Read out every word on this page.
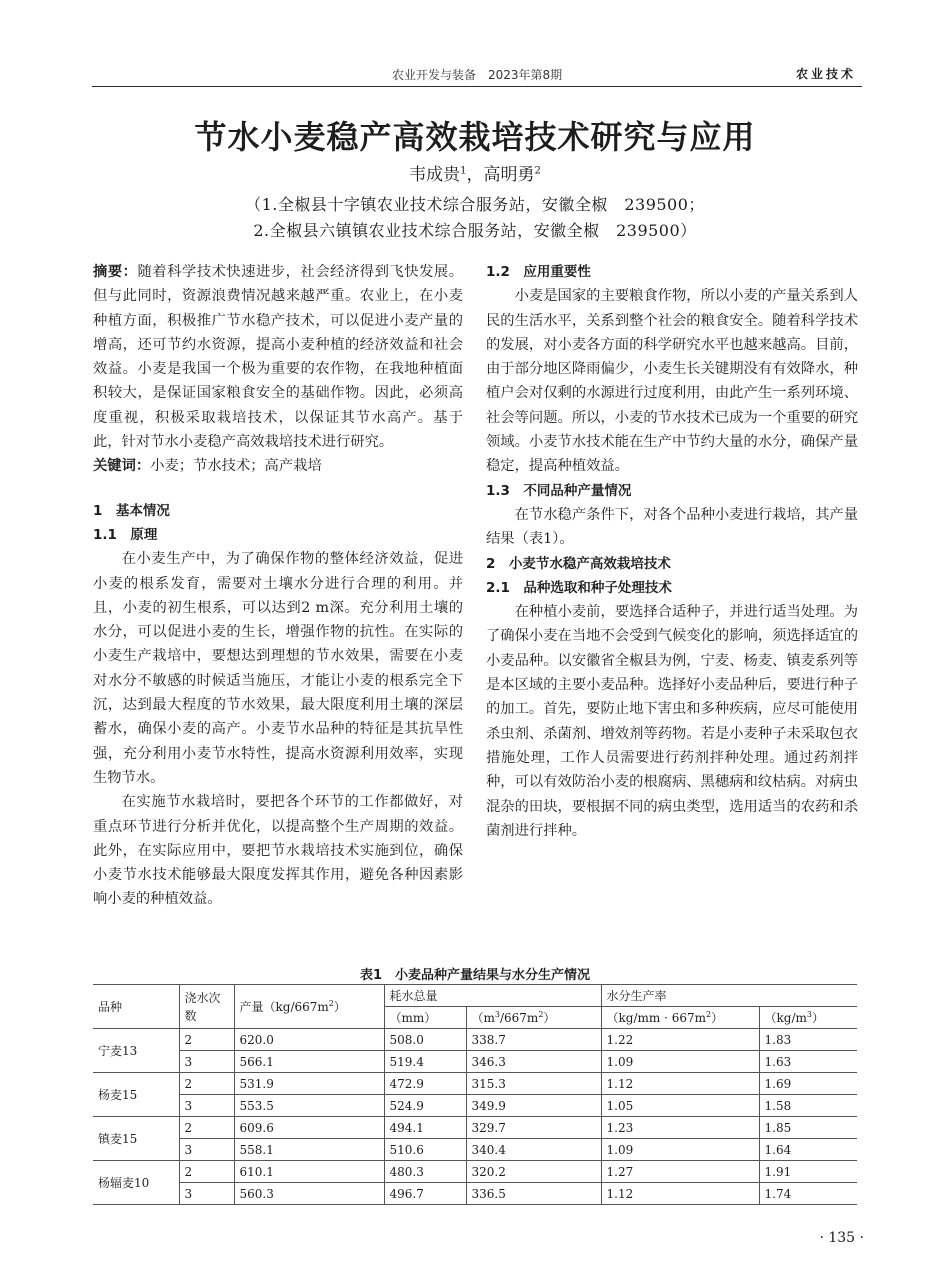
农业开发与装备　2023年第8期	农业技术
节水小麦稳产高效栽培技术研究与应用
韦成贵$^1$，高明勇$^2$
（1.全椒县十字镇农业技术综合服务站，安徽全椒　239500；
2.全椒县六镇镇农业技术综合服务站，安徽全椒　239500）

摘要：随着科学技术快速进步，社会经济得到飞快发展。但与此同时，资源浪费情况越来越严重。农业上，在小麦种植方面，积极推广节水稳产技术，可以促进小麦产量的增高，还可节约水资源，提高小麦种植的经济效益和社会效益。小麦是我国一个极为重要的农作物，在我地种植面积较大，是保证国家粮食安全的基础作物。因此，必须高度重视，积极采取栽培技术，以保证其节水高产。基于此，针对节水小麦稳产高效栽培技术进行研究。

关键词：小麦；节水技术；高产栽培

1　基本情况

1.1　原理

在小麦生产中，为了确保作物的整体经济效益，促进小麦的根系发育，需要对土壤水分进行合理的利用。并且，小麦的初生根系，可以达到2 m深。充分利用土壤的水分，可以促进小麦的生长，增强作物的抗性。在实际的小麦生产栽培中，要想达到理想的节水效果，需要在小麦对水分不敏感的时候适当施压，才能让小麦的根系完全下沉，达到最大程度的节水效果，最大限度利用土壤的深层蓄水，确保小麦的高产。小麦节水品种的特征是其抗旱性强，充分利用小麦节水特性，提高水资源利用效率，实现生物节水。

在实施节水栽培时，要把各个环节的工作都做好，对重点环节进行分析并优化，以提高整个生产周期的效益。此外，在实际应用中，要把节水栽培技术实施到位，确保小麦节水技术能够最大限度发挥其作用，避免各种因素影响小麦的种植效益。

1.2　应用重要性

小麦是国家的主要粮食作物，所以小麦的产量关系到人民的生活水平，关系到整个社会的粮食安全。随着科学技术的发展，对小麦各方面的科学研究水平也越来越高。目前，由于部分地区降雨偏少，小麦生长关键期没有有效降水，种植户会对仅剩的水源进行过度利用，由此产生一系列环境、社会等问题。所以，小麦的节水技术已成为一个重要的研究领域。小麦节水技术能在生产中节约大量的水分，确保产量稳定，提高种植效益。

1.3　不同品种产量情况

在节水稳产条件下，对各个品种小麦进行栽培，其产量结果（表1）。

2　小麦节水稳产高效栽培技术

2.1　品种选取和种子处理技术

在种植小麦前，要选择合适种子，并进行适当处理。为了确保小麦在当地不会受到气候变化的影响，须选择适宜的小麦品种。以安徽省全椒县为例，宁麦、杨麦、镇麦系列等是本区域的主要小麦品种。选择好小麦品种后，要进行种子的加工。首先，要防止地下害虫和多种疾病，应尽可能使用杀虫剂、杀菌剂、增效剂等药物。若是小麦种子未采取包衣措施处理，工作人员需要进行药剂拌种处理。通过药剂拌种，可以有效防治小麦的根腐病、黑穗病和纹枯病。对病虫混杂的田块，要根据不同的病虫类型，选用适当的农药和杀菌剂进行拌种。

表1　小麦品种产量结果与水分生产情况
品种	浇水次数	产量$(kg/667m^2)$	耗水总量		水分生产率	
			（mm）	$(m^3/667m^2)$	$(kg/mm \cdot 667m^2)$	$(kg/m^3)$
宁麦13	2	620.0	508.0	338.7	1.22	1.83
	3	566.1	519.4	346.3	1.09	1.63
杨麦15	2	531.9	472.9	315.3	1.12	1.69
	3	553.5	524.9	349.9	1.05	1.58
镇麦15	2	609.6	494.1	329.7	1.23	1.85
	3	558.1	510.6	340.4	1.09	1.64
杨辐麦10	2	610.1	480.3	320.2	1.27	1.91
	3	560.3	496.7	336.5	1.12	1.74
· 135 ·
